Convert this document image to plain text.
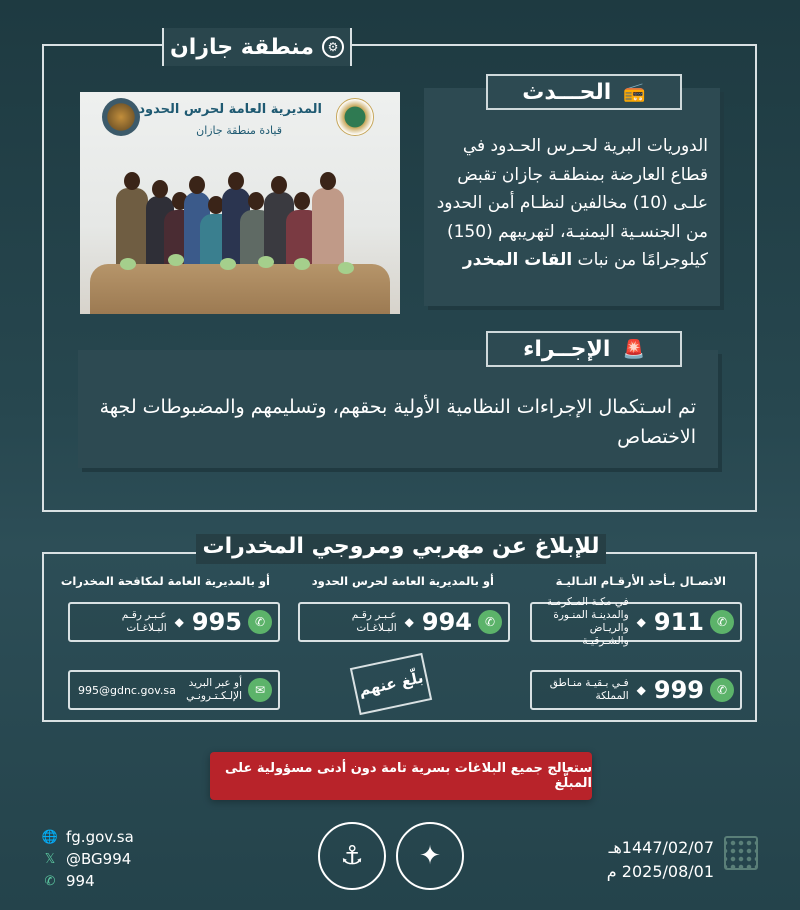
⚙
منطقة جازان
المديرية العامة لحرس الحدود
قيادة منطقة جازان
الدوريات البرية لحـرس الحـدود في قطاع العارضة بمنطقـة جازان تقبض علـى (10) مخالفين لنظـام أمن الحدود من الجنسـية اليمنيـة، لتهريبهم (150) كيلوجرامًا من نبات القات المخدر
📻
الحـــدث
تم اسـتكمال الإجراءات النظامية الأولية بحقهم، وتسليمهم والمضبوطات لجهة الاختصاص
🚨
الإجــراء
للإبلاغ عن مهربي ومروجي المخدرات
الاتصـال بـأحد الأرقـام التـاليـة
أو بالمديرية العامة لحرس الحدود
أو بالمديرية العامة لمكافحة المخدرات
✆
911
◆
في مكـة المـكرمـة والمدينـة المنـورة والريـاض والشـرقيـة
✆
999
◆
فـي بـقيـة منـاطق المملكة
✆
994
◆
عـبـر رقـم البـلاغـات
✆
995
◆
عـبـر رقـم البـلاغـات
✉
أو عبر البريد الإلـكـتـرونـي
995@gdnc.gov.sa	بلّغ عنهم
ستعالج جميع البلاغات بسرية تامة دون أدنى مسؤولية على المبلّغ
🌐 fg.gov.sa
𝕏 @BG994
✆ 994
⚓	✦	1447/02/07هـ
2025/08/01 م
